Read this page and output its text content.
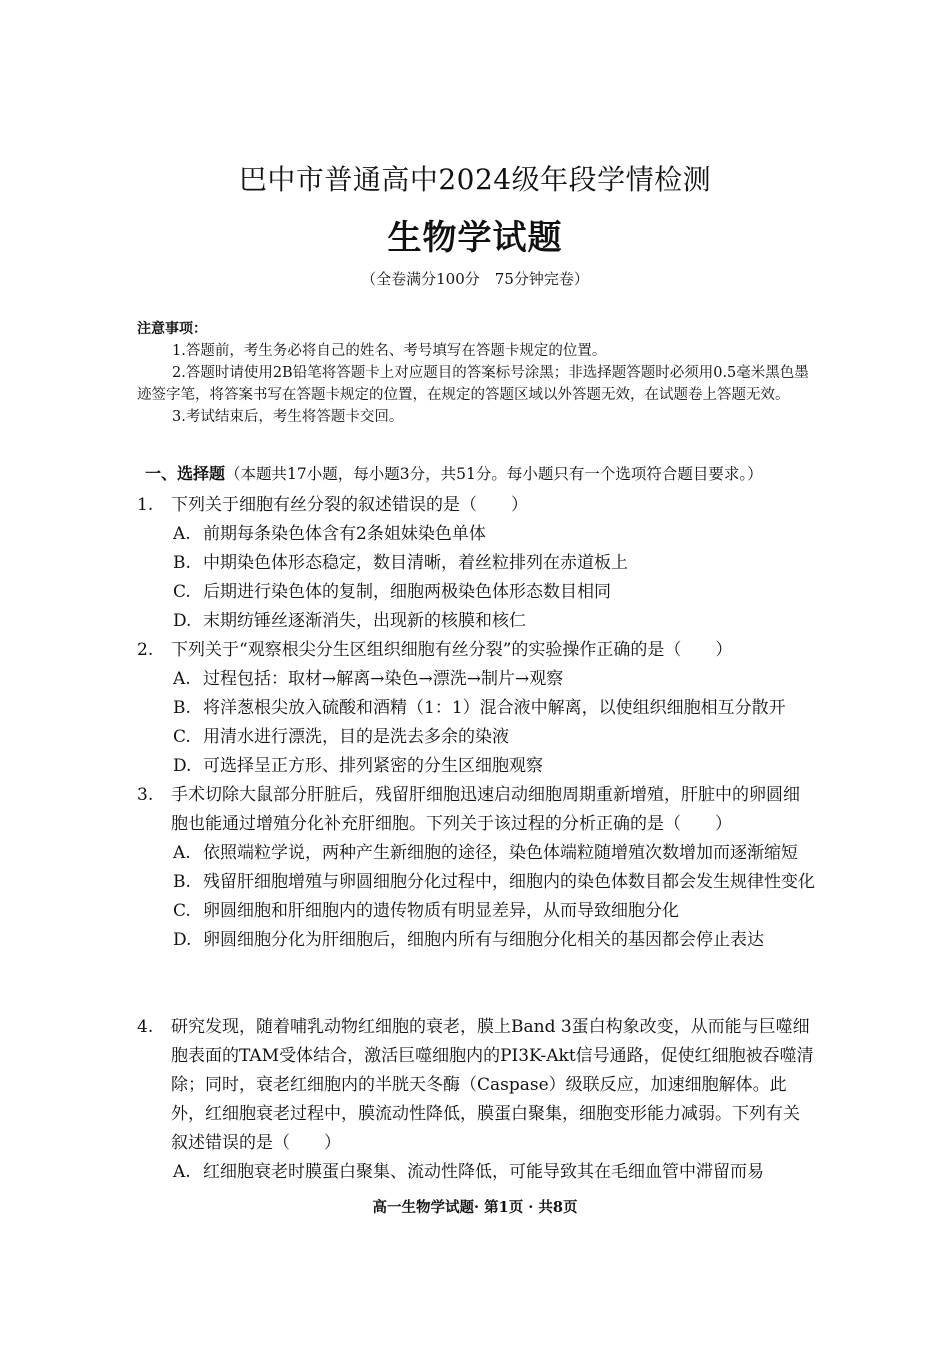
巴中市普通高中2024级年段学情检测
生物学试题
（全卷满分100分　75分钟完卷）
注意事项：
1.答题前，考生务必将自己的姓名、考号填写在答题卡规定的位置。
2.答题时请使用2B铅笔将答题卡上对应题目的答案标号涂黑；非选择题答题时必须用0.5毫米黑色墨迹签字笔，将答案书写在答题卡规定的位置，在规定的答题区域以外答题无效，在试题卷上答题无效。
3.考试结束后，考生将答题卡交回。
一、选择题（本题共17小题，每小题3分，共51分。每小题只有一个选项符合题目要求。）
1.	下列关于细胞有丝分裂的叙述错误的是（　　）
A. 前期每条染色体含有2条姐妹染色单体
B. 中期染色体形态稳定，数目清晰，着丝粒排列在赤道板上
C. 后期进行染色体的复制，细胞两极染色体形态数目相同
D. 末期纺锤丝逐渐消失，出现新的核膜和核仁
2.	下列关于“观察根尖分生区组织细胞有丝分裂”的实验操作正确的是（　　）
A. 过程包括：取材→解离→染色→漂洗→制片→观察
B. 将洋葱根尖放入硫酸和酒精（1：1）混合液中解离，以使组织细胞相互分散开
C. 用清水进行漂洗，目的是洗去多余的染液
D. 可选择呈正方形、排列紧密的分生区细胞观察
3.	手术切除大鼠部分肝脏后，残留肝细胞迅速启动细胞周期重新增殖，肝脏中的卵圆细胞也能通过增殖分化补充肝细胞。下列关于该过程的分析正确的是（　　）
A. 依照端粒学说，两种产生新细胞的途径，染色体端粒随增殖次数增加而逐渐缩短
B. 残留肝细胞增殖与卵圆细胞分化过程中，细胞内的染色体数目都会发生规律性变化
C. 卵圆细胞和肝细胞内的遗传物质有明显差异，从而导致细胞分化
D. 卵圆细胞分化为肝细胞后，细胞内所有与细胞分化相关的基因都会停止表达
4.	研究发现，随着哺乳动物红细胞的衰老，膜上Band 3蛋白构象改变，从而能与巨噬细胞表面的TAM受体结合，激活巨噬细胞内的PI3K-Akt信号通路，促使红细胞被吞噬清除；同时，衰老红细胞内的半胱天冬酶（Caspase）级联反应，加速细胞解体。此外，红细胞衰老过程中，膜流动性降低，膜蛋白聚集，细胞变形能力减弱。下列有关叙述错误的是（　　）
A. 红细胞衰老时膜蛋白聚集、流动性降低，可能导致其在毛细血管中滞留而易
高一生物学试题· 第1页 · 共8页
